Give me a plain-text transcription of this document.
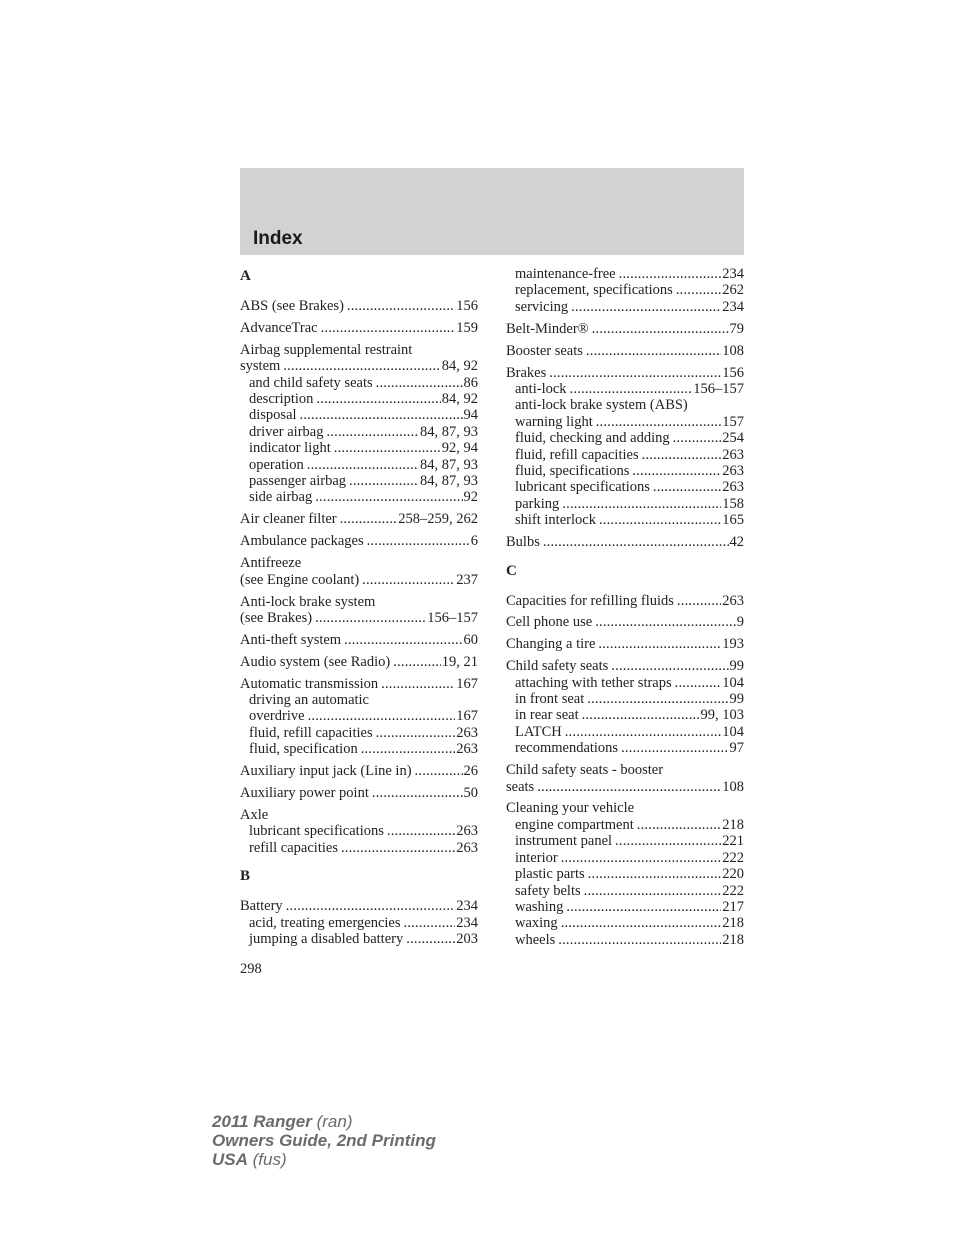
Index
A
ABS (see Brakes) .....	156
AdvanceTrac .....	159
Airbag supplemental restraint
system .....	84, 92
and child safety seats .....	86
description .....	84, 92
disposal .....	94
driver airbag .....	84, 87, 93
indicator light .....	92, 94
operation .....	84, 87, 93
passenger airbag .....	84, 87, 93
side airbag .....	92
Air cleaner filter .....	258–259, 262
Ambulance packages .....	6
Antifreeze
(see Engine coolant) .....	237
Anti-lock brake system
(see Brakes) .....	156–157
Anti-theft system .....	60
Audio system (see Radio) .....	19, 21
Automatic transmission .....	167
driving an automatic
overdrive .....	167
fluid, refill capacities .....	263
fluid, specification .....	263
Auxiliary input jack (Line in) .....	26
Auxiliary power point .....	50
Axle
lubricant specifications .....	263
refill capacities .....	263
B
Battery .....	234
acid, treating emergencies .....	234
jumping a disabled battery .....	203
maintenance-free .....	234
replacement, specifications .....	262
servicing .....	234
Belt-Minder® .....	79
Booster seats .....	108
Brakes .....	156
anti-lock .....	156–157
anti-lock brake system (ABS)
warning light .....	157
fluid, checking and adding .....	254
fluid, refill capacities .....	263
fluid, specifications .....	263
lubricant specifications .....	263
parking .....	158
shift interlock .....	165
Bulbs .....	42
C
Capacities for refilling fluids .....	263
Cell phone use .....	9
Changing a tire .....	193
Child safety seats .....	99
attaching with tether straps .....	104
in front seat .....	99
in rear seat .....	99, 103
LATCH .....	104
recommendations .....	97
Child safety seats - booster
seats .....	108
Cleaning your vehicle
engine compartment .....	218
instrument panel .....	221
interior .....	222
plastic parts .....	220
safety belts .....	222
washing .....	217
waxing .....	218
wheels .....	218
298
2011 Ranger (ran)
Owners Guide, 2nd Printing
USA (fus)
